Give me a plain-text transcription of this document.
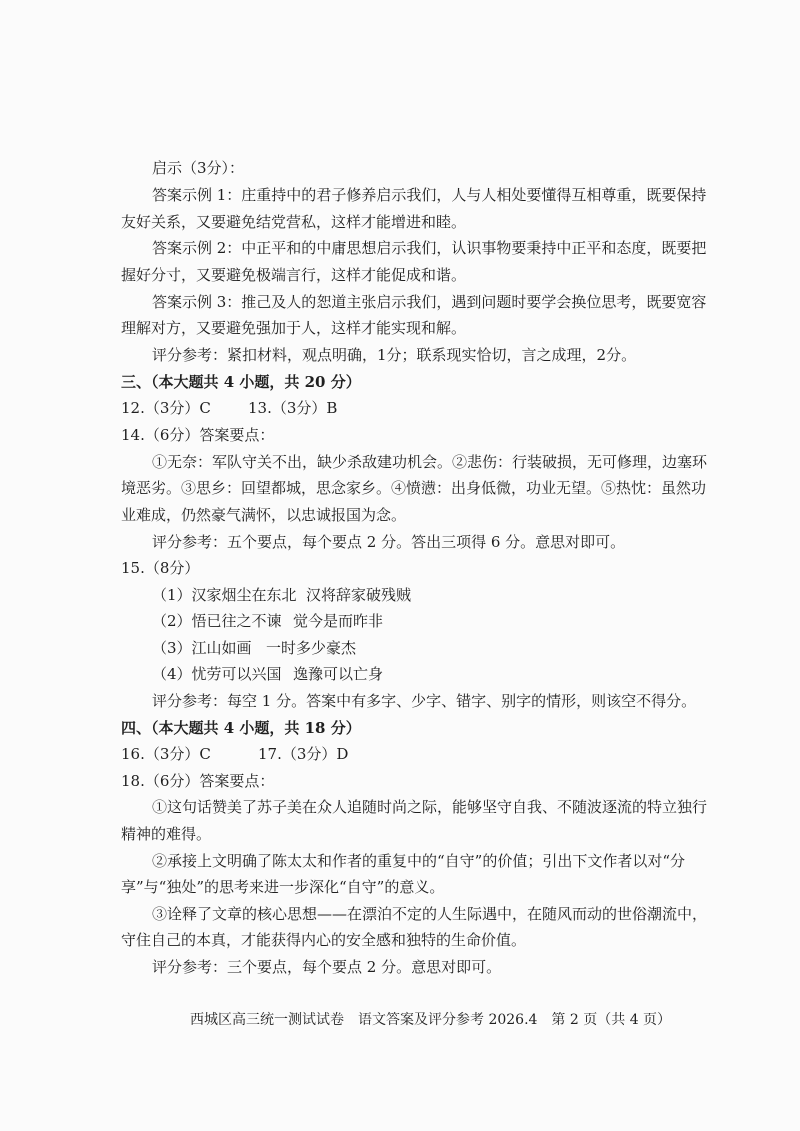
启示（3分）：
答案示例 1：庄重持中的君子修养启示我们，人与人相处要懂得互相尊重，既要保持
友好关系，又要避免结党营私，这样才能增进和睦。
答案示例 2：中正平和的中庸思想启示我们，认识事物要秉持中正平和态度，既要把
握好分寸，又要避免极端言行，这样才能促成和谐。
答案示例 3：推己及人的恕道主张启示我们，遇到问题时要学会换位思考，既要宽容
理解对方，又要避免强加于人，这样才能实现和解。
评分参考：紧扣材料，观点明确，1分；联系现实恰切，言之成理，2分。
三、（本大题共 4 小题，共 20 分）
12.（3分）C 13.（3分）B
14.（6分）答案要点：
①无奈：军队守关不出，缺少杀敌建功机会。②悲伤：行装破损，无可修理，边塞环
境恶劣。③思乡：回望都城，思念家乡。④愤懑：出身低微，功业无望。⑤热忱：虽然功
业难成，仍然豪气满怀，以忠诚报国为念。
评分参考：五个要点，每个要点 2 分。答出三项得 6 分。意思对即可。
15.（8分）
（1）汉家烟尘在东北 汉将辞家破残贼
（2）悟已往之不谏 觉今是而昨非
（3）江山如画 一时多少豪杰
（4）忧劳可以兴国 逸豫可以亡身
评分参考：每空 1 分。答案中有多字、少字、错字、别字的情形，则该空不得分。
四、（本大题共 4 小题，共 18 分）
16.（3分）C	17.（3分）D
18.（6分）答案要点：
①这句话赞美了苏子美在众人追随时尚之际，能够坚守自我、不随波逐流的特立独行
精神的难得。
②承接上文明确了陈太太和作者的重复中的“自守”的价值；引出下文作者以对“分
享”与“独处”的思考来进一步深化“自守”的意义。
③诠释了文章的核心思想——在漂泊不定的人生际遇中，在随风而动的世俗潮流中，
守住自己的本真，才能获得内心的安全感和独特的生命价值。
评分参考：三个要点，每个要点 2 分。意思对即可。
西城区高三统一测试试卷　语文答案及评分参考 2026.4　第 2 页（共 4 页）
